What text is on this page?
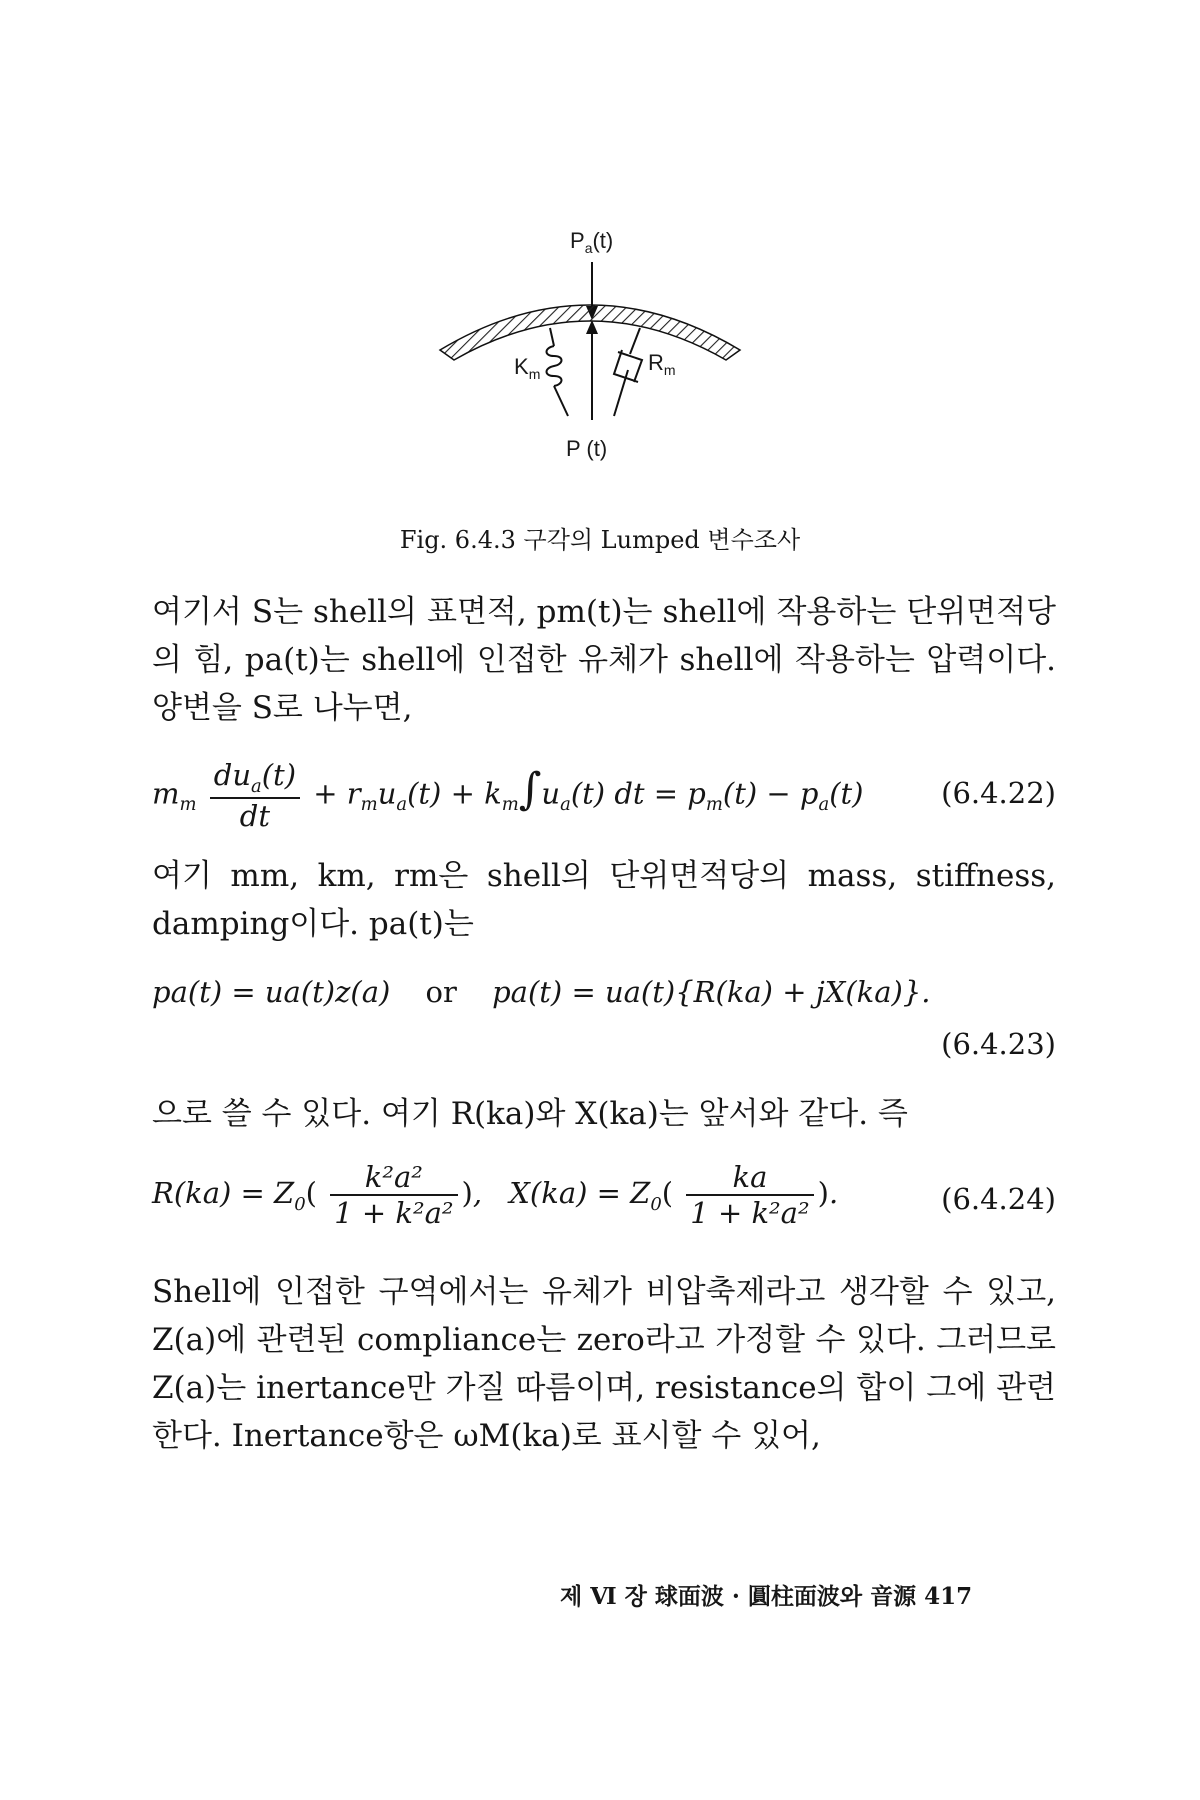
$P_a(t)$
$K_m$	$R_m$
P (t)
Fig. 6.4.3 구각의 Lumped 변수조사
여기서 S는 shell의 표면적, pm(t)는 shell에 작용하는 단위면적당의 힘, pa(t)는 shell에 인접한 유체가 shell에 작용하는 압력이다. 양변을 S로 나누면,
$m_m \frac{du_a(t)}{dt} + r_mu_a(t) + k_m\int u_a(t)$ dt = $p_m(t) - p_a(t)$	(6.4.22)
여기 mm, km, rm은 shell의 단위면적당의 mass, stiffness, damping이다. pa(t)는
pa(t) = ua(t)z(a) or pa(t) = ua(t){R(ka) + jX(ka)}.
(6.4.23)
으로 쓸 수 있다. 여기 R(ka)와 X(ka)는 앞서와 같다. 즉
$R(ka) = Z_0( \frac{\text{k²a²}}{\text{1 + k²a²}}$ ), $X(ka) = Z_0( \frac{ka}{\text{1 + k²a²}}$ ).	(6.4.24)
Shell에 인접한 구역에서는 유체가 비압축제라고 생각할 수 있고, Z(a)에 관련된 compliance는 zero라고 가정할 수 있다. 그러므로 Z(a)는 inertance만 가질 따름이며, resistance의 합이 그에 관련한다. Inertance항은 ωM(ka)로 표시할 수 있어,
제 Ⅵ 장 球面波 · 圓柱面波와 音源 417
